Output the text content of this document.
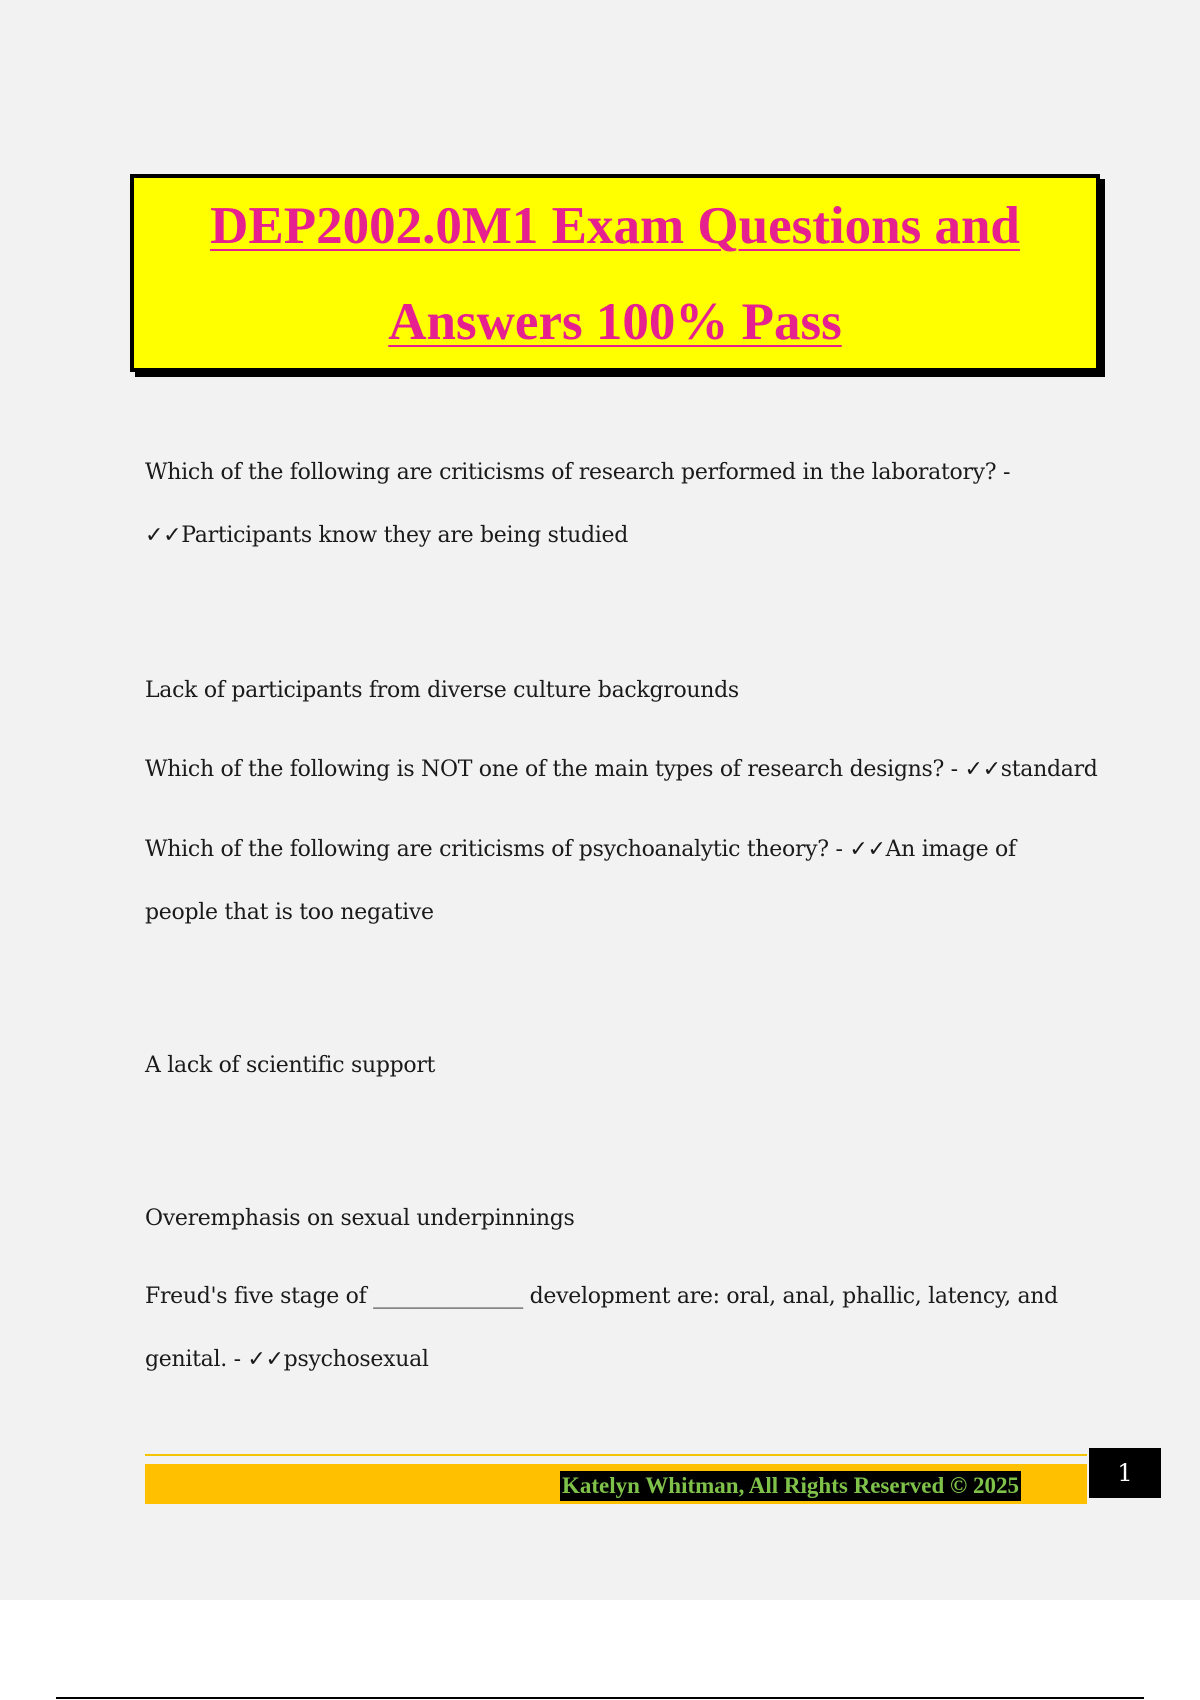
DEP2002.0M1 Exam Questions and
Answers 100% Pass
Which of the following are criticisms of research performed in the laboratory? -
✓✓Participants know they are being studied
Lack of participants from diverse culture backgrounds
Which of the following is NOT one of the main types of research designs? - ✓✓standard
Which of the following are criticisms of psychoanalytic theory? - ✓✓An image of
people that is too negative
A lack of scientific support
Overemphasis on sexual underpinnings
Freud's five stage of ______________ development are: oral, anal, phallic, latency, and
genital. - ✓✓psychosexual
Katelyn Whitman, All Rights Reserved © 2025	1
